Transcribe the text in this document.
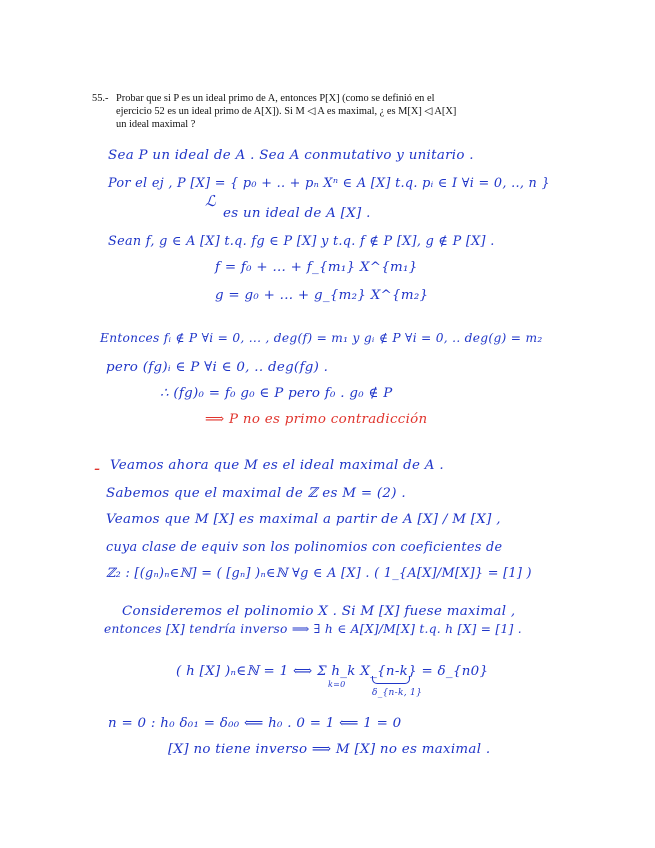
55.- Probar que si P es un ideal primo de A, entonces P[X] (como se definió en el
ejercicio 52 es un ideal primo de A[X]). Si M ◁ A es maximal, ¿ es M[X] ◁ A[X]
un ideal maximal ?
Sea P un ideal de A . Sea A conmutativo y unitario .
Por el ej , P [X] = { p₀ + .. + pₙ Xⁿ ∈ A [X] t.q. pᵢ ∈ I ∀i = 0, .., n }
ℒ
es un ideal de A [X] .
Sean f, g ∈ A [X] t.q. fg ∈ P [X] y t.q. f ∉ P [X], g ∉ P [X] .
f = f₀ + ... + f_{m₁} X^{m₁}
g = g₀ + ... + g_{m₂} X^{m₂}
Entonces fᵢ ∉ P ∀i = 0, ... , deg(f) = m₁ y gᵢ ∉ P ∀i = 0, .. deg(g) = m₂
pero (fg)ᵢ ∈ P ∀i ∈ 0, .. deg(fg) .
∴ (fg)₀ = f₀ g₀ ∈ P pero f₀ . g₀ ∉ P
⟹ P no es primo contradicción
- Veamos ahora que M es el ideal maximal de A .
Sabemos que el maximal de ℤ es M = (2) .
Veamos que M [X] es maximal a partir de A [X] / M [X] ,
cuya clase de equiv son los polinomios con coeficientes de
ℤ₂ : [(gₙ)ₙ∈ℕ] = ( [gₙ] )ₙ∈ℕ ∀g ∈ A [X] . ( 1_{A[X]/M[X]} = [1] )
Consideremos el polinomio X . Si M [X] fuese maximal ,
entonces [X] tendría inverso ⟹ ∃ h ∈ A[X]/M[X] t.q. h [X] = [1] .
( h [X] )ₙ∈ℕ = 1 ⟺ Σ h_k X_{n-k} = δ_{n0}
k=0
δ_{n-k, 1}
n = 0 : h₀ δ₀₁ = δ₀₀ ⟸ h₀ . 0 = 1 ⟸ 1 = 0
[X] no tiene inverso ⟹ M [X] no es maximal .
